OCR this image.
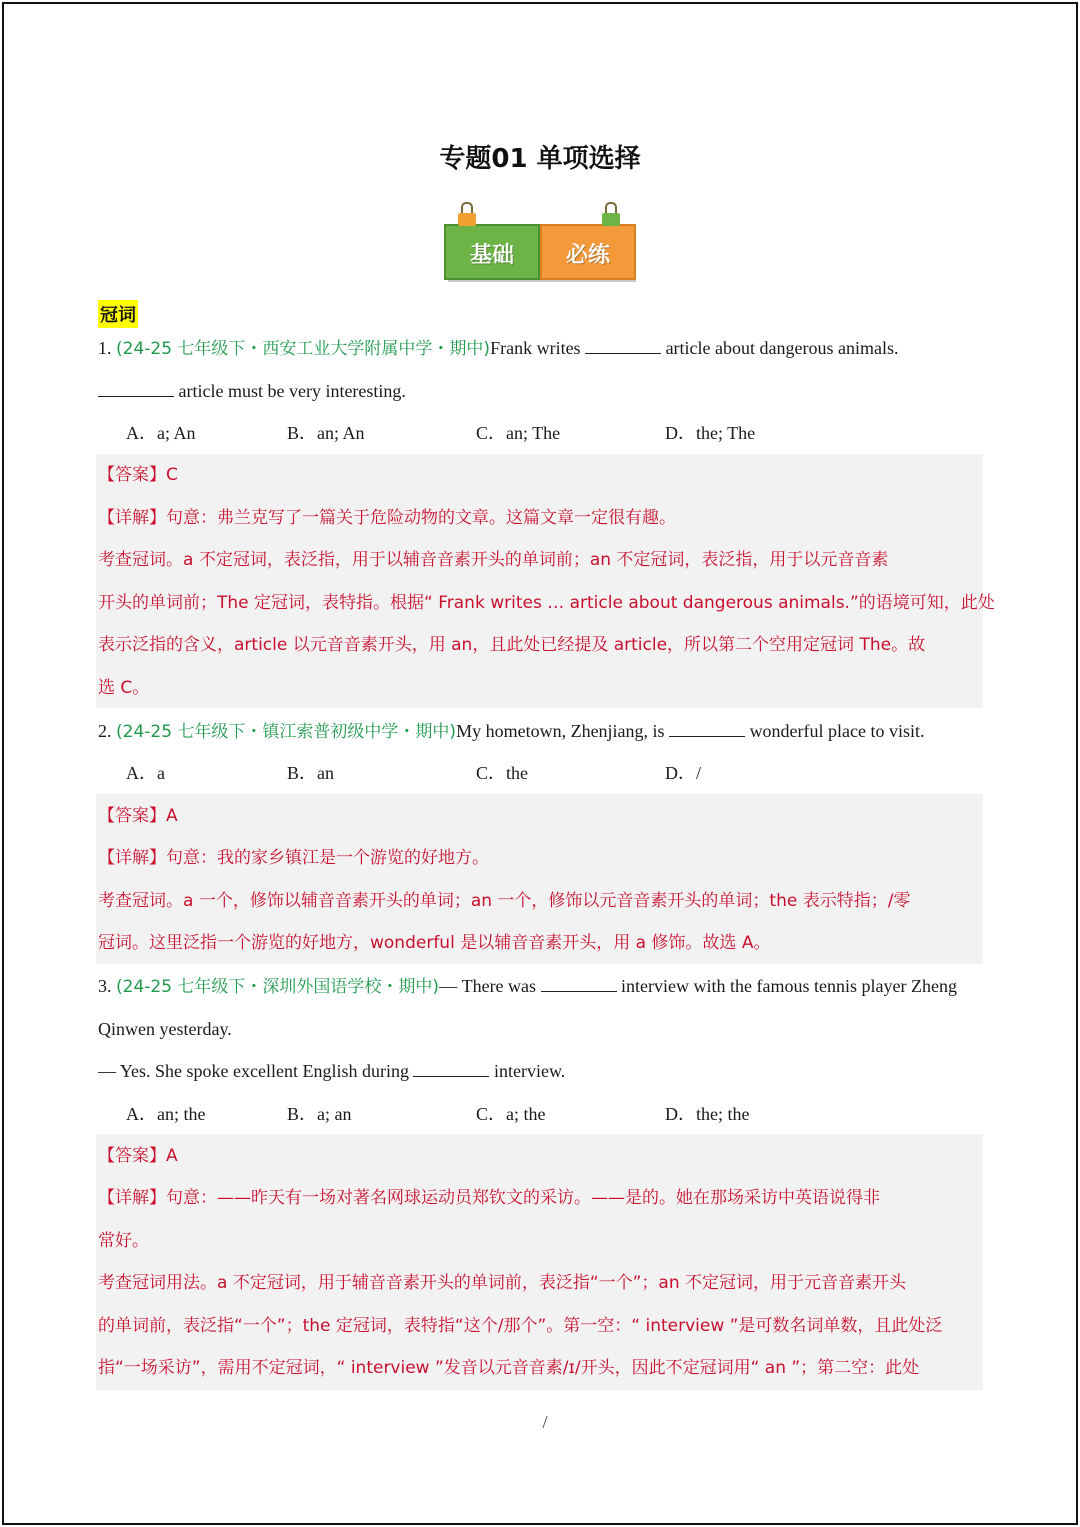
专题01 单项选择
基础	必练
冠词
1. (24-25 七年级下・西安工业大学附属中学・期中)Frank writes	article about dangerous animals.
article must be very interesting.
A．a; An	B．an; An	C．an; The	D．the; The
【答案】C
【详解】句意：弗兰克写了一篇关于危险动物的文章。这篇文章一定很有趣。
考查冠词。a 不定冠词，表泛指，用于以辅音音素开头的单词前；an 不定冠词，表泛指，用于以元音音素
开头的单词前；The 定冠词，表特指。根据“ Frank writes … article about dangerous animals.”的语境可知，此处
表示泛指的含义，article 以元音音素开头，用 an，且此处已经提及 article，所以第二个空用定冠词 The。故
选 C。
2. (24-25 七年级下・镇江索普初级中学・期中)My hometown, Zhenjiang, is	wonderful place to visit.
A．a	B．an	C．the	D．/
【答案】A
【详解】句意：我的家乡镇江是一个游览的好地方。
考查冠词。a 一个，修饰以辅音音素开头的单词；an 一个，修饰以元音音素开头的单词；the 表示特指；/零
冠词。这里泛指一个游览的好地方，wonderful 是以辅音音素开头，用 a 修饰。故选 A。
3. (24-25 七年级下・深圳外国语学校・期中)— There was	interview with the famous tennis player Zheng
Qinwen yesterday.
— Yes. She spoke excellent English during	interview.
A．an; the	B．a; an	C．a; the	D．the; the
【答案】A
【详解】句意：——昨天有一场对著名网球运动员郑钦文的采访。——是的。她在那场采访中英语说得非
常好。
考查冠词用法。a 不定冠词，用于辅音音素开头的单词前，表泛指“一个”；an 不定冠词，用于元音音素开头
的单词前，表泛指“一个”；the 定冠词，表特指“这个/那个”。第一空：“ interview ”是可数名词单数，且此处泛
指“一场采访”，需用不定冠词，“ interview ”发音以元音音素/ɪ/开头，因此不定冠词用“ an ”；第二空：此处
/
